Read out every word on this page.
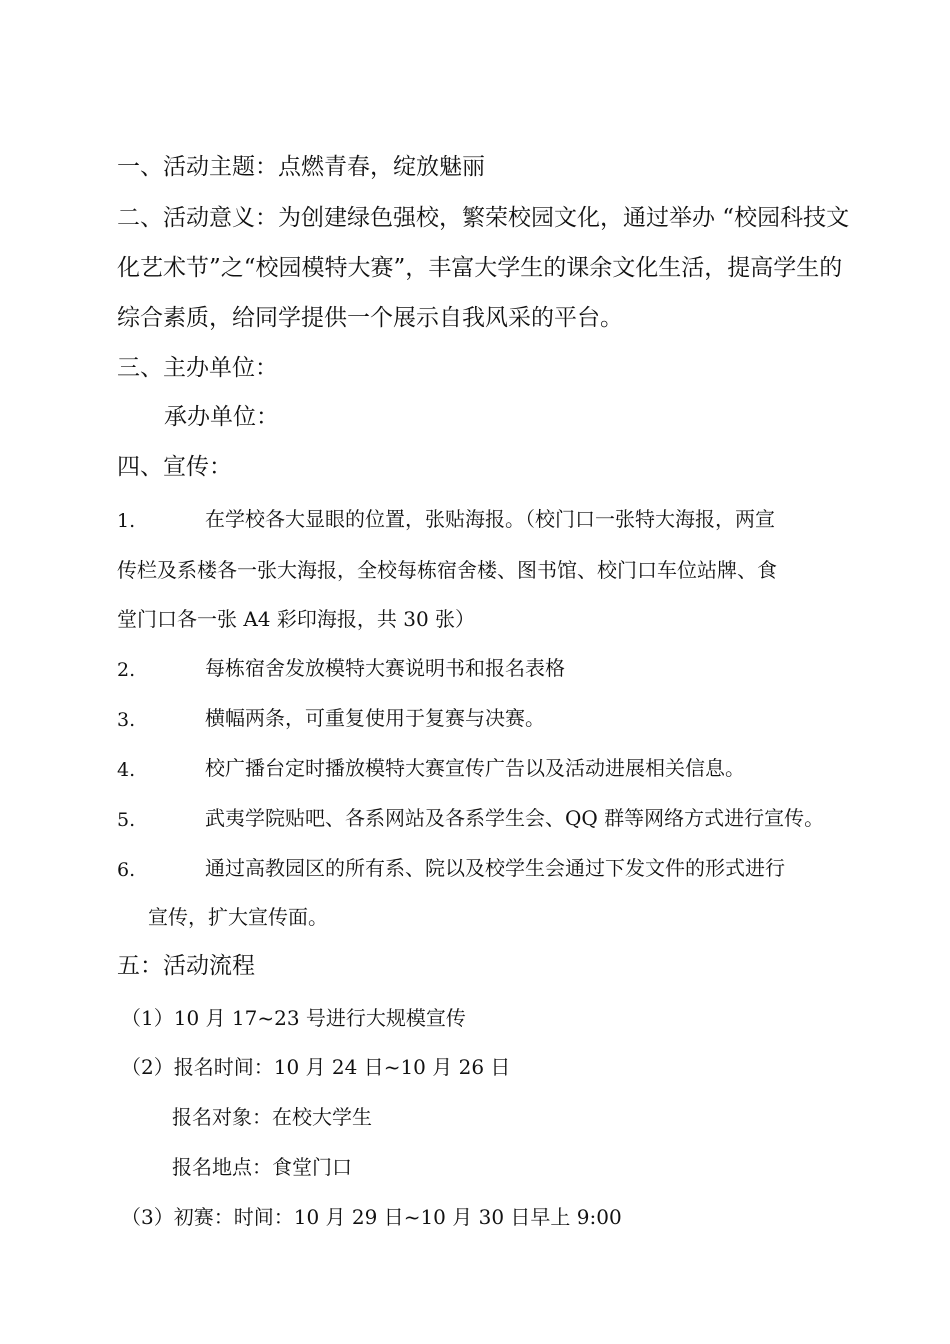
一、活动主题：点燃青春，绽放魅丽
二、活动意义：为创建绿色强校，繁荣校园文化，通过举办 “校园科技文
化艺术节”之“校园模特大赛”，丰富大学生的课余文化生活，提高学生的
综合素质，给同学提供一个展示自我风采的平台。
三、主办单位：
承办单位：
四、宣传：
1.	在学校各大显眼的位置，张贴海报。（校门口一张特大海报，两宣
传栏及系楼各一张大海报，全校每栋宿舍楼、图书馆、校门口车位站牌、食
堂门口各一张 A4 彩印海报，共 30 张）
2.	每栋宿舍发放模特大赛说明书和报名表格
3.	横幅两条，可重复使用于复赛与决赛。
4.	校广播台定时播放模特大赛宣传广告以及活动进展相关信息。
5.	武夷学院贴吧、各系网站及各系学生会、QQ 群等网络方式进行宣传。
6.	通过高教园区的所有系、院以及校学生会通过下发文件的形式进行
宣传，扩大宣传面。
五：活动流程
（1）10 月 17~23 号进行大规模宣传
（2）报名时间：10 月 24 日~10 月 26 日
报名对象：在校大学生
报名地点：食堂门口
（3）初赛：时间：10 月 29 日~10 月 30 日早上 9:00
